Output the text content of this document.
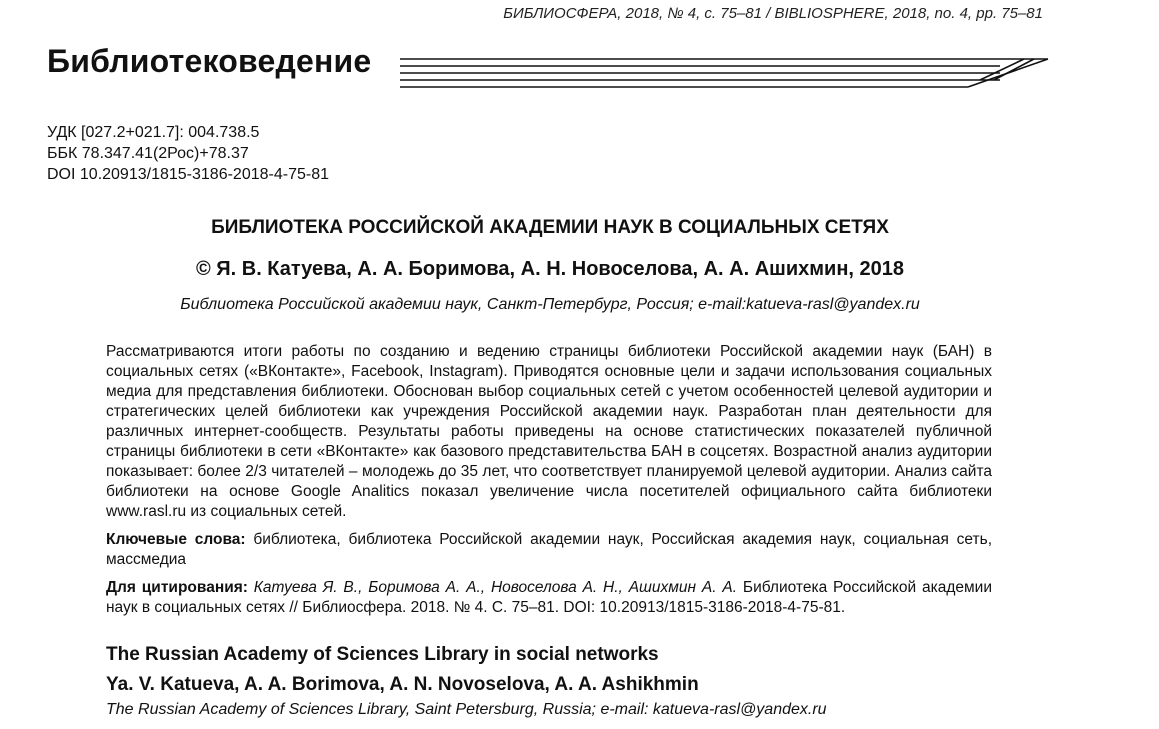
БИБЛИОСФЕРА, 2018, № 4, с. 75–81 / BIBLIOSPHERE, 2018, no. 4, pp. 75–81
Библиотековедение
УДК [027.2+021.7]: 004.738.5
ББК 78.347.41(2Рос)+78.37
DOI 10.20913/1815-3186-2018-4-75-81
БИБЛИОТЕКА РОССИЙСКОЙ АКАДЕМИИ НАУК В СОЦИАЛЬНЫХ СЕТЯХ
© Я. В. Катуева, А. А. Боримова, А. Н. Новоселова, А. А. Ашихмин, 2018
Библиотека Российской академии наук, Санкт-Петербург, Россия; e-mail:katueva-rasl@yandex.ru
Рассматриваются итоги работы по созданию и ведению страницы библиотеки Российской академии наук (БАН) в социальных сетях («ВКонтакте», Facebook, Instagram). Приводятся основные цели и задачи использования социальных медиа для представления библиотеки. Обоснован выбор социальных сетей с учетом особенностей целевой аудитории и стратегических целей библиотеки как учреждения Российской академии наук. Разработан план деятельности для различных интернет-сообществ. Результаты работы приведены на основе статистических показателей публичной страницы библиотеки в сети «ВКонтакте» как базового представительства БАН в соцсетях. Возрастной анализ аудитории показывает: более 2/3 читателей – молодежь до 35 лет, что соответствует планируемой целевой аудитории. Анализ сайта библиотеки на основе Google Analitics показал увеличение числа посетителей официального сайта библиотеки www.rasl.ru из социальных сетей.
Ключевые слова: библиотека, библиотека Российской академии наук, Российская академия наук, социальная сеть, массмедиа
Для цитирования: Катуева Я. В., Боримова А. А., Новоселова А. Н., Ашихмин А. А. Библиотека Российской академии наук в социальных сетях // Библиосфера. 2018. № 4. С. 75–81. DOI: 10.20913/1815-3186-2018-4-75-81.
The Russian Academy of Sciences Library in social networks
Ya. V. Katueva, A. A. Borimova, A. N. Novoselova, A. A. Ashikhmin
The Russian Academy of Sciences Library, Saint Petersburg, Russia; e-mail: katueva-rasl@yandex.ru
